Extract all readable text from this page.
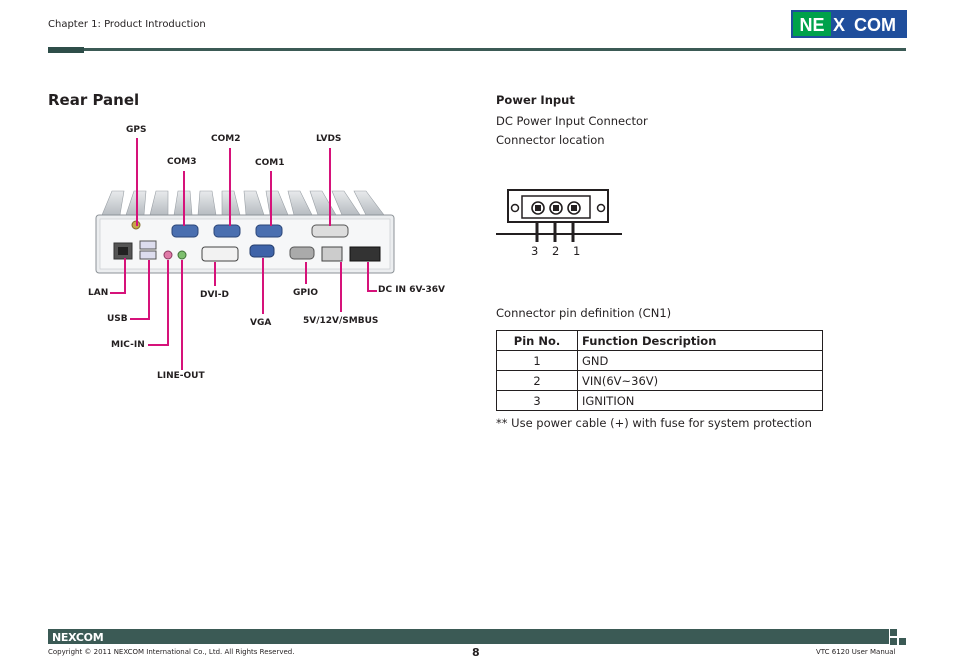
Chapter 1: Product Introduction	NE X COM
Rear Panel
GPS
COM2	LVDS
COM3	COM1
LAN
USB
MIC-IN
LINE-OUT
DVI-D
VGA
GPIO
5V/12V/SMBUS
DC IN 6V-36V
Power Input
DC Power Input Connector
Connector location
3 2 1
Connector pin definition (CN1)
Pin No.	Function Description
1	GND
2	VIN(6V~36V)
3	IGNITION
** Use power cable (+) with fuse for system protection
NEXCOM
Copyright © 2011 NEXCOM International Co., Ltd. All Rights Reserved.	8	VTC 6120 User Manual
